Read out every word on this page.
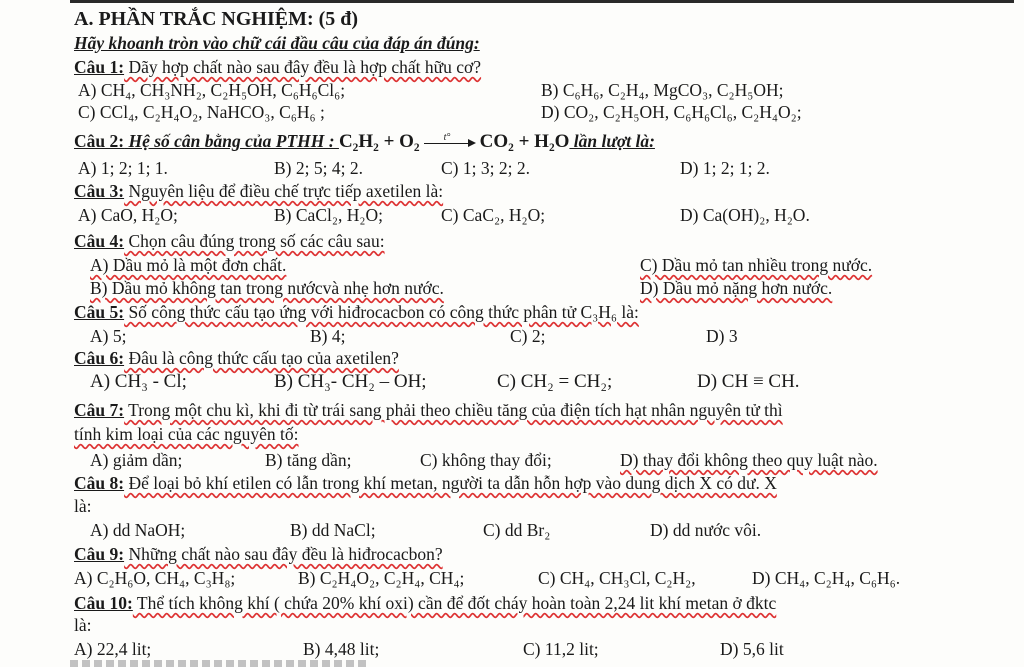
A. PHẦN TRẮC NGHIỆM: (5 đ)
Hãy khoanh tròn vào chữ cái đầu câu của đáp án đúng:
Câu 1: Dãy hợp chất nào sau đây đều là hợp chất hữu cơ?
A) CH₄, CH₃NH₂, C₂H₅OH, C₆H₆Cl₆;	B) C₆H₆, C₂H₄, MgCO₃, C₂H₅OH;
C) CCl₄, C₂H₄O₂, NaHCO₃, C₆H₆ ;	D) CO₂, C₂H₅OH, C₆H₆Cl₆, C₂H₄O₂;
Câu 2: Hệ số cân bằng của PTHH : C₂H₂ + O₂ t° CO₂ + H₂O lần lượt là:
A) 1; 2; 1; 1.	B) 2; 5; 4; 2.	C) 1; 3; 2; 2.	D) 1; 2; 1; 2.
Câu 3: Nguyên liệu để điều chế trực tiếp axetilen là:
A) CaO, H₂O;	B) CaCl₂, H₂O;	C) CaC₂, H₂O;	D) Ca(OH)₂, H₂O.
Câu 4: Chọn câu đúng trong số các câu sau:
A) Dầu mỏ là một đơn chất.	C) Dầu mỏ tan nhiều trong nước.
B) Dầu mỏ không tan trong nướcvà nhẹ hơn nước.	D) Dầu mỏ nặng hơn nước.
Câu 5: Số công thức cấu tạo ứng với hiđrocacbon có công thức phân tử C₃H₆ là:
A) 5;	B) 4;	C) 2;	D) 3
Câu 6: Đâu là công thức cấu tạo của axetilen?
A) CH₃ - Cl;	B) CH₃- CH₂ – OH;	C) CH₂ = CH₂;	D) CH ≡ CH.
Câu 7: Trong một chu kì, khi đi từ trái sang phải theo chiều tăng của điện tích hạt nhân nguyên tử thì
tính kim loại của các nguyên tố:
A) giảm dần;	B) tăng dần;	C) không thay đổi;	D) thay đổi không theo quy luật nào.
Câu 8: Để loại bỏ khí etilen có lẫn trong khí metan, người ta dẫn hỗn hợp vào dung dịch X có dư. X
là:
A) dd NaOH;	B) dd NaCl;	C) dd Br₂	D) dd nước vôi.
Câu 9: Những chất nào sau đây đều là hiđrocacbon?
A) C₂H₆O, CH₄, C₃H₈;	B) C₂H₄O₂, C₂H₄, CH₄;	C) CH₄, CH₃Cl, C₂H₂,	D) CH₄, C₂H₄, C₆H₆.
Câu 10: Thể tích không khí ( chứa 20% khí oxi) cần để đốt cháy hoàn toàn 2,24 lit khí metan ở đktc
là:
A) 22,4 lit;	B) 4,48 lit;	C) 11,2 lit;	D) 5,6 lit
